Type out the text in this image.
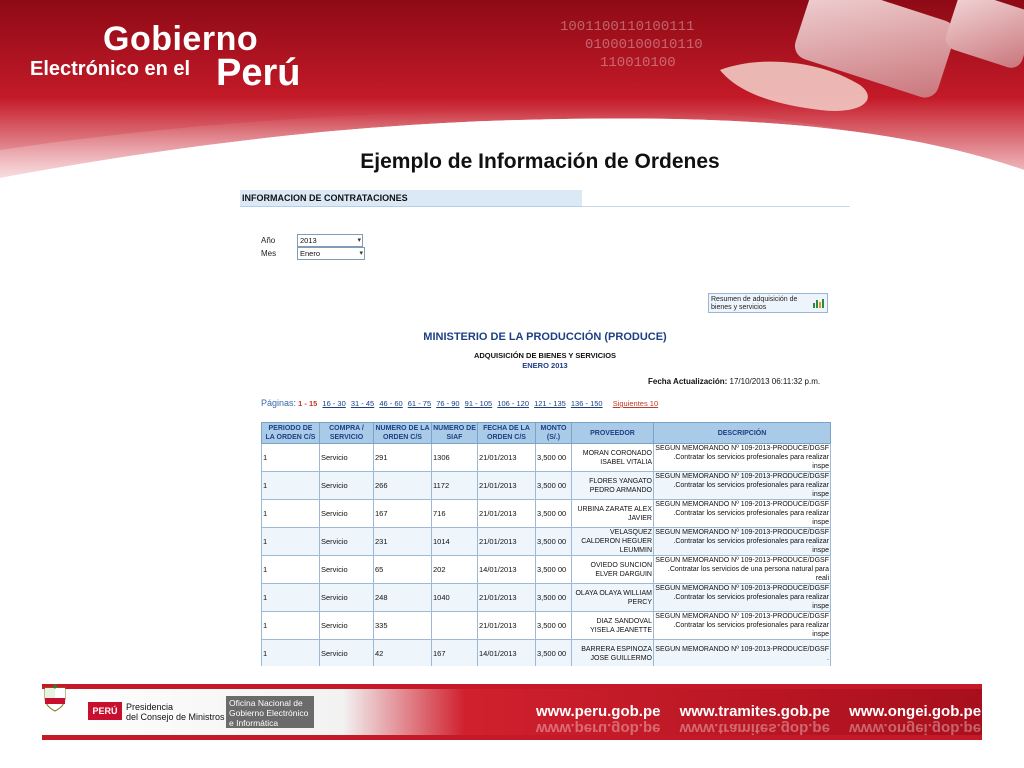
1001100110100111
01000100010110
110010100
Gobierno
Electrónico en el Perú
Ejemplo de Información de Ordenes
INFORMACION DE CONTRATACIONES
Año	2013	▾
Mes	Enero	▾
Resumen de adquisición de bienes y servicios
MINISTERIO DE LA PRODUCCIÓN (PRODUCE)
ADQUISICIÓN DE BIENES Y SERVICIOS
ENERO 2013
Fecha Actualización: 17/10/2013 06:11:32 p.m.
Páginas: 1 - 15 16 - 30 31 - 45 46 - 60 61 - 75 76 - 90 91 - 105 106 - 120 121 - 135 136 - 150 Siguientes 10
PERIODO DE LA ORDEN C/S	COMPRA / SERVICIO	NUMERO DE LA ORDEN C/S	NUMERO DE SIAF	FECHA DE LA ORDEN C/S	MONTO (S/.)	PROVEEDOR	DESCRIPCIÓN
1	Servicio	291	1306	21/01/2013	3,500 00	MORAN CORONADO ISABEL VITALIA	SEGUN MEMORANDO Nº 109-2013-PRODUCE/DGSF .Contratar los servicios profesionales para realizar inspe
1	Servicio	266	1172	21/01/2013	3,500 00	FLORES YANGATO PEDRO ARMANDO	SEGUN MEMORANDO Nº 109-2013-PRODUCE/DGSF .Contratar los servicios profesionales para realizar inspe
1	Servicio	167	716	21/01/2013	3,500 00	URBINA ZARATE ALEX JAVIER	SEGUN MEMORANDO Nº 109-2013-PRODUCE/DGSF .Contratar los servicios profesionales para realizar inspe
1	Servicio	231	1014	21/01/2013	3,500 00	VELASQUEZ CALDERON HEGUER LEUMMIN	SEGUN MEMORANDO Nº 109-2013-PRODUCE/DGSF .Contratar los servicios profesionales para realizar inspe
1	Servicio	65	202	14/01/2013	3,500 00	OVIEDO SUNCION ELVER DARGUIN	SEGUN MEMORANDO Nº 109-2013-PRODUCE/DGSF .Contratar los servicios de una persona natural para reali
1	Servicio	248	1040	21/01/2013	3,500 00	OLAYA OLAYA WILLIAM PERCY	SEGUN MEMORANDO Nº 109-2013-PRODUCE/DGSF .Contratar los servicios profesionales para realizar inspe
1	Servicio	335		21/01/2013	3,500 00	DIAZ SANDOVAL YISELA JEANETTE	SEGUN MEMORANDO Nº 109-2013-PRODUCE/DGSF .Contratar los servicios profesionales para realizar inspe
1	Servicio	42	167	14/01/2013	3,500 00	BARRERA ESPINOZA JOSE GUILLERMO	SEGUN MEMORANDO Nº 109-2013-PRODUCE/DGSF .
PERÚ Presidencia
del Consejo de Ministros
Oficina Nacional de Gobierno Electrónico e Informática
www.peru.gob.pe www.tramites.gob.pe www.ongei.gob.pe
www.peru.gob.pe www.tramites.gob.pe www.ongei.gob.pe
